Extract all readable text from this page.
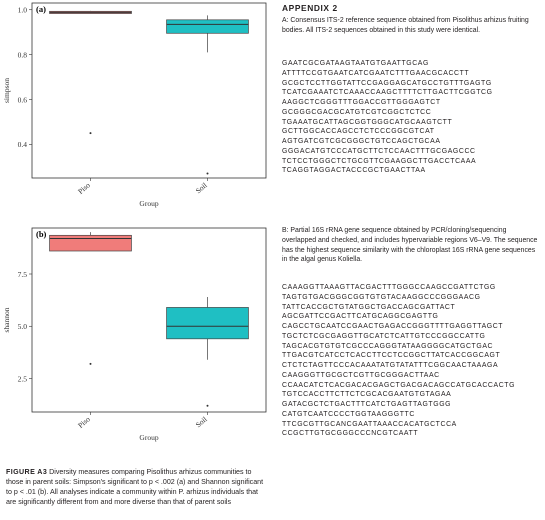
(a)
0.4
0.6
0.8
1.0
simpson
Piso	Soil
Group
(b)
2.5
5.0
7.5
shannon
Piso	Soil
Group
FIGURE A3 Diversity measures comparing Pisolithus arhizus communities to those in parent soils: Simpson's significant to p < .002 (a) and Shannon significant to p < .01 (b). All analyses indicate a community within P. arhizus individuals that are significantly different from and more diverse than that of parent soils
APPENDIX 2
A: Consensus ITS-2 reference sequence obtained from Pisolithus arhizus fruiting bodies. All ITS-2 sequences obtained in this study were identical.
GAATCGCGATAAGTAATGTGAATTGCAG
ATTTTCCGTGAATCATCGAATCTTTGAACGCACCTT
GCGCTCCTTGGTATTCCGAGGAGCATGCCTGTTTGAGTG
TCATCGAAATCTCAAACCAAGCTTTTCTTGACTTCGGTCG
AAGGCTCGGGTTTGGACCGTTGGGAGTCT
GCGGGCGACGCATGTCGTCGGCTCTCC
TGAAATGCATTAGCGGTGGGCATGCAAGTCTT
GCTTGGCACCAGCCTCTCCCGGCGTCAT
AGTGATCGTCGCGGGCTGTCCAGCTGCAA
GGGACATGTCCCATGCTTCTCCAACTTTGCGAGCCC
TCTCCTGGGCTCTGCGTTCGAAGGCTTGACCTCAAA
TCAGGTAGGACTACCCGCTGAACTTAA
B: Partial 16S rRNA gene sequence obtained by PCR/cloning/sequencing overlapped and checked, and includes hypervariable regions V6–V9. The sequence has the highest sequence similarity with the chloroplast 16S rRNA gene sequences in the algal genus Koliella.
CAAAGGTTAAAGTTACGACTTTGGGCCAAGCCGATTCTGG
TAGTGTGACGGGCGGTGTGTACAAGGCCCGGGAACG
TATTCACCGCTGTATGGCTGACCAGCGATTACT
AGCGATTCCGACTTCATGCAGGCGAGTTG
CAGCCTGCAATCCGAACTGAGACCGGGTTTTGAGGTTAGCT
TGCTCTCGCGAGGTTGCATCTCATTGTCCCGGCCATTG
TAGCACGTGTGTCGCCCAGGGTATAAGGGGCATGCTGAC
TTGACGTCATCCTCACCTTCCTCCGGCTTATCACCGGCAGT
CTCTCTAGTTCCCACAAATATGTATATTTCGGCAACTAAAGA
CAAGGGTTGCGCTCGTTGCGGGACTTAAC
CCAACATCTCACGACACGAGCTGACGACAGCCATGCACCACTG
TGTCCACCTTCTTCTCGCACGAATGTGTAGAA
GATACGCTCTGACTTTCATCTGAGTTAGTGGG
CATGTCAATCCCCTGGTAAGGGTTC
TTCGCGTTGCANCGAATTAAACCACATGCTCCA
CCGCTTGTGCGGGCCCNCGTCAATT
